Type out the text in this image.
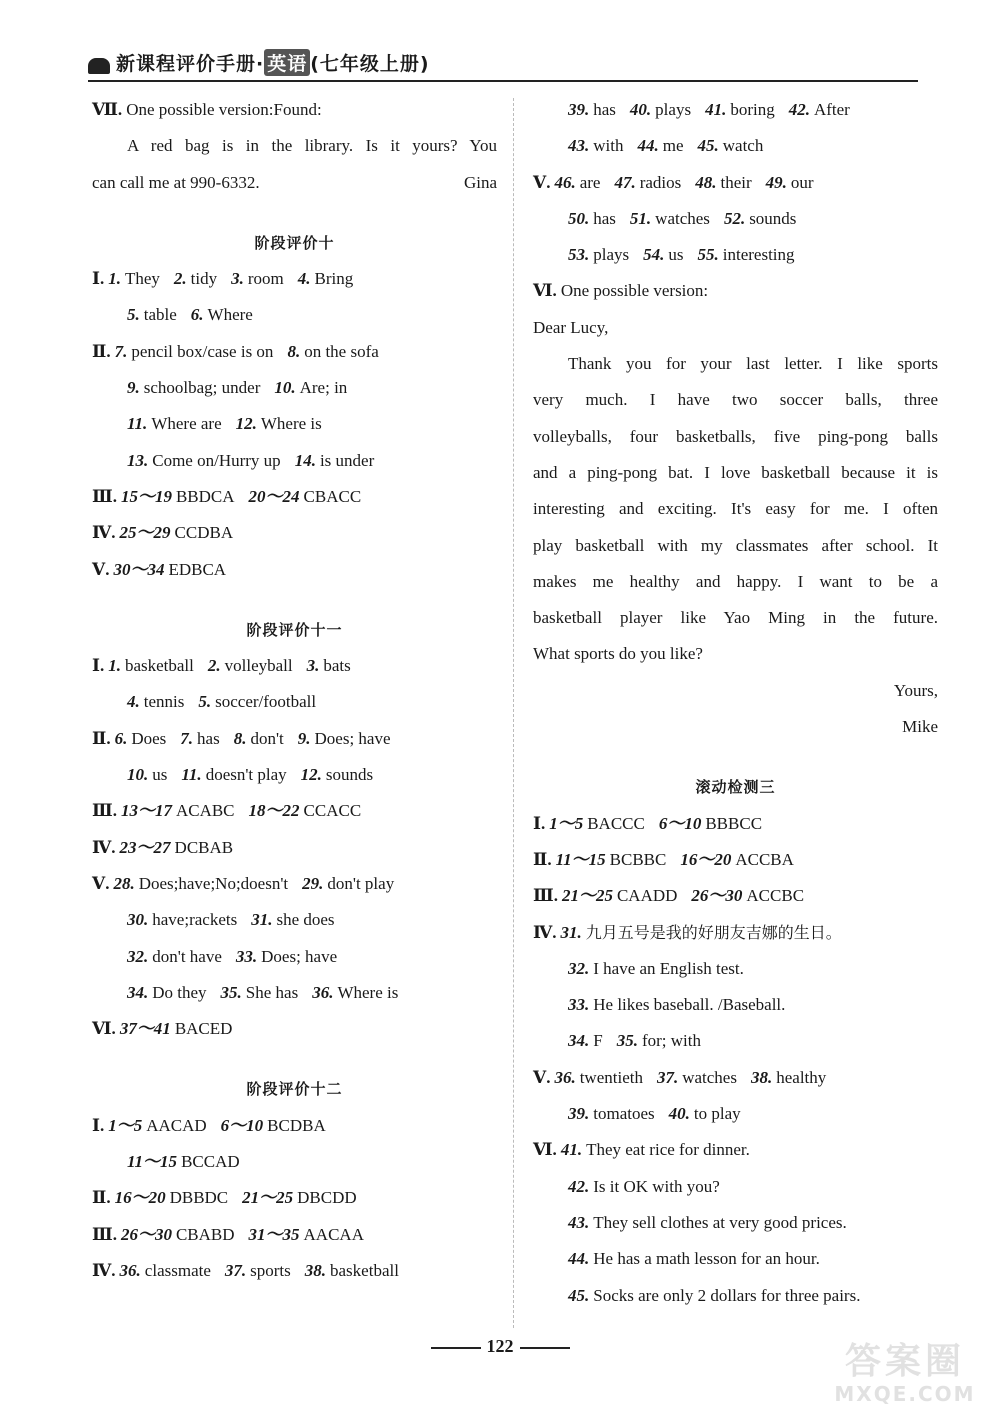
新课程评价手册· 英语 (七年级上册)
Ⅶ. One possible version:Found:
A red bag is in the library. Is it yours? You
can call me at 990-6332.	Gina
阶段评价十
Ⅰ. 1. They 2. tidy 3. room 4. Bring
5. table 6. Where
Ⅱ. 7. pencil box/case is on 8. on the sofa
9. schoolbag; under 10. Are; in
11. Where are 12. Where is
13. Come on/Hurry up 14. is under
Ⅲ. 15～19 BBDCA 20～24 CBACC
Ⅳ. 25～29 CCDBA
Ⅴ. 30～34 EDBCA
阶段评价十一
Ⅰ. 1. basketball 2. volleyball 3. bats
4. tennis 5. soccer/football
Ⅱ. 6. Does 7. has 8. don't 9. Does; have
10. us 11. doesn't play 12. sounds
Ⅲ. 13～17 ACABC 18～22 CCACC
Ⅳ. 23～27 DCBAB
Ⅴ. 28. Does;have;No;doesn't 29. don't play
30. have;rackets 31. she does
32. don't have 33. Does; have
34. Do they 35. She has 36. Where is
Ⅵ. 37～41 BACED
阶段评价十二
Ⅰ. 1～5 AACAD 6～10 BCDBA
11～15 BCCAD
Ⅱ. 16～20 DBBDC 21～25 DBCDD
Ⅲ. 26～30 CBABD 31～35 AACAA
Ⅳ. 36. classmate 37. sports 38. basketball
39. has 40. plays 41. boring 42. After
43. with 44. me 45. watch
Ⅴ. 46. are 47. radios 48. their 49. our
50. has 51. watches 52. sounds
53. plays 54. us 55. interesting
Ⅵ. One possible version:
Dear Lucy,
Thank you for your last letter. I like sports
very much. I have two soccer balls, three
volleyballs, four basketballs, five ping-pong balls
and a ping-pong bat. I love basketball because it is
interesting and exciting. It's easy for me. I often
play basketball with my classmates after school. It
makes me healthy and happy. I want to be a
basketball player like Yao Ming in the future.
What sports do you like?
Yours,
Mike
滚动检测三
Ⅰ. 1～5 BACCC 6～10 BBBCC
Ⅱ. 11～15 BCBBC 16～20 ACCBA
Ⅲ. 21～25 CAADD 26～30 ACCBC
Ⅳ. 31. 九月五号是我的好朋友吉娜的生日。
32. I have an English test.
33. He likes baseball. /Baseball.
34. F 35. for; with
Ⅴ. 36. twentieth 37. watches 38. healthy
39. tomatoes 40. to play
Ⅵ. 41. They eat rice for dinner.
42. Is it OK with you?
43. They sell clothes at very good prices.
44. He has a math lesson for an hour.
45. Socks are only 2 dollars for three pairs.
122	答案圈
MXQE.COM
